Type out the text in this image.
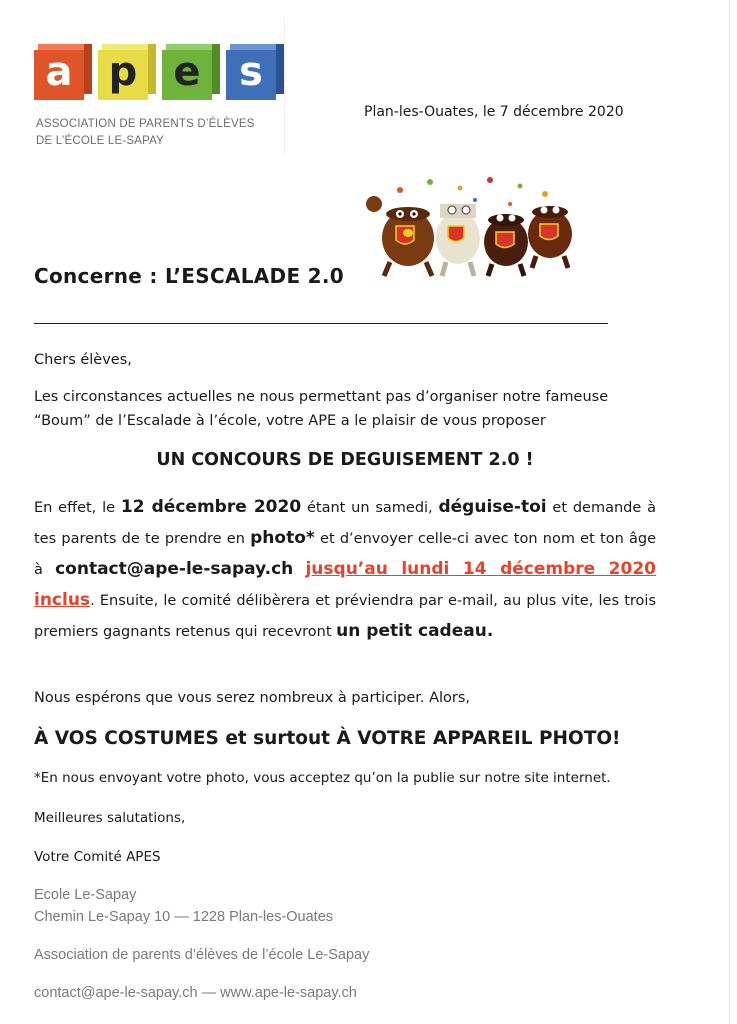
a p e s
ASSOCIATION DE PARENTS D’ÉLÈVES
DE L’ÉCOLE LE-SAPAY
Plan-les-Ouates, le 7 décembre 2020
Concerne : L’ESCALADE 2.0
Chers élèves,
Les circonstances actuelles ne nous permettant pas d’organiser notre fameuse “Boum” de l’Escalade à l’école, votre APE a le plaisir de vous proposer
UN CONCOURS DE DEGUISEMENT 2.0 !
En effet, le 12 décembre 2020 étant un samedi, déguise-toi et demande à tes parents de te prendre en photo* et d’envoyer celle-ci avec ton nom et ton âge à contact@ape-le-sapay.ch jusqu’au lundi 14 décembre 2020 inclus. Ensuite, le comité délibèrera et préviendra par e-mail, au plus vite, les trois premiers gagnants retenus qui recevront un petit cadeau.
Nous espérons que vous serez nombreux à participer. Alors,
À VOS COSTUMES et surtout À VOTRE APPAREIL PHOTO!
*En nous envoyant votre photo, vous acceptez qu’on la publie sur notre site internet.
Meilleures salutations,
Votre Comité APES
Ecole Le-Sapay
Chemin Le-Sapay 10 — 1228 Plan-les-Ouates
Association de parents d’élèves de l’école Le-Sapay
contact@ape-le-sapay.ch — www.ape-le-sapay.ch
